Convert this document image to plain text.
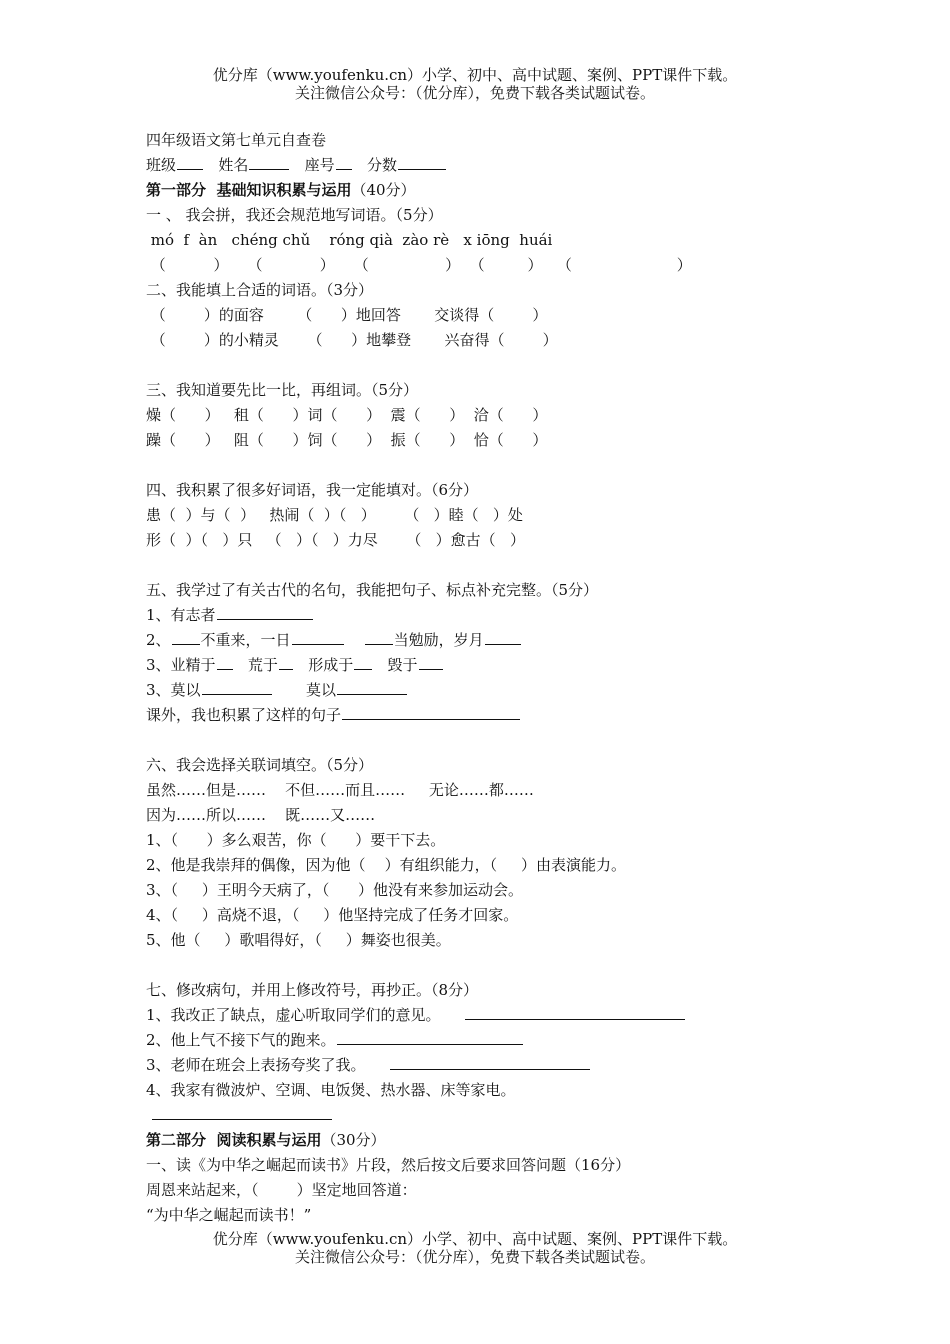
优分库（www.youfenku.cn）小学、初中、高中试题、案例、PPT课件下载。
关注微信公众号：（优分库），免费下载各类试题试卷。
四年级语文第七单元自查卷
班级	姓名	座号 分数
第一部分  基础知识积累与运用（40分）
一 、 我会拼，我还会规范地写词语。（5分）
mó  f  àn   chéng chǔ    róng qià  zào rè   x iōng  huái
（          ）    （            ）    （                ）  （         ）   （                      ）
二、我能填上合适的词语。（3分）
（        ）的面容       （      ）地回答       交谈得（        ）
（        ）的小精灵      （      ）地攀登       兴奋得（        ）
三、我知道要先比一比，再组词。（5分）
燥（      ）   租（      ）词（      ）  震（      ）  洽（      ）
躁（      ）   阻（      ）饲（      ）  振（      ）  恰（      ）
四、我积累了很多好词语，我一定能填对。（6分）
患（  ）与（  ）   热闹（  ）（   ）      （   ）睦（   ）处
形（  ）（   ）只   （   ）（   ）力尽      （   ）愈古（   ）
五、我学过了有关古代的名句，我能把句子、标点补充完整。（5分）
1、有志者
2、 不重来，一日	当勉励，岁月
3、业精于 荒于 形成于 毁于
3、莫以	莫以
课外，我也积累了这样的句子
六、我会选择关联词填空。（5分）
虽然……但是……    不但……而且……     无论……都……
因为……所以……    既……又……
1、（      ）多么艰苦，你（      ）要干下去。
2、他是我崇拜的偶像，因为他（    ）有组织能力，（     ）由表演能力。
3、（     ）王明今天病了，（      ）他没有来参加运动会。
4、（     ）高烧不退，（     ）他坚持完成了任务才回家。
5、他（     ）歌唱得好，（     ）舞姿也很美。
七、修改病句，并用上修改符号，再抄正。（8分）
1、我改正了缺点，虚心听取同学们的意见。
2、他上气不接下气的跑来。
3、老师在班会上表扬夸奖了我。
4、我家有微波炉、空调、电饭煲、热水器、床等家电。

第二部分  阅读积累与运用（30分）
一、读《为中华之崛起而读书》片段，然后按文后要求回答问题（16分）
周恩来站起来，（        ）坚定地回答道：
“为中华之崛起而读书！”
优分库（www.youfenku.cn）小学、初中、高中试题、案例、PPT课件下载。
关注微信公众号：（优分库），免费下载各类试题试卷。
